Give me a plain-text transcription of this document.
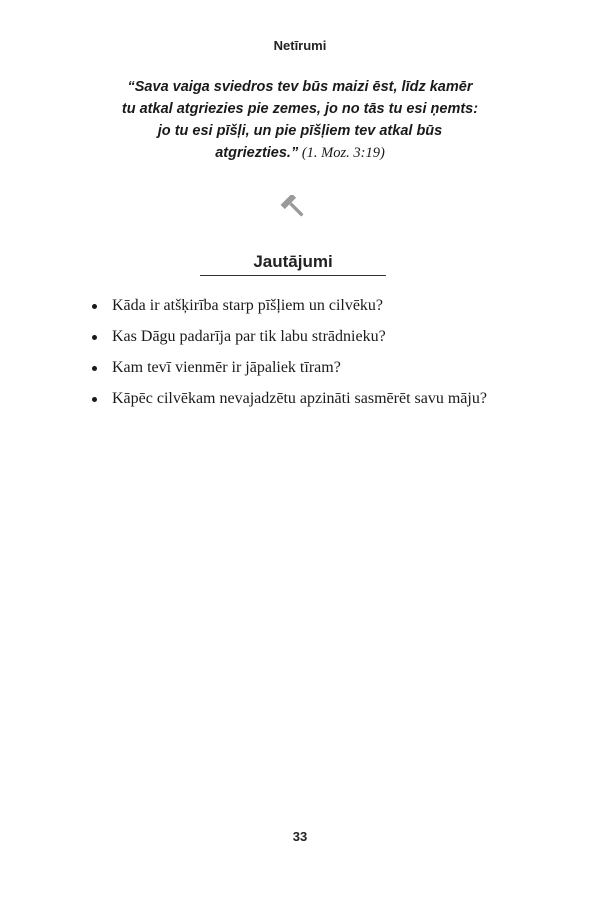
Netīrumi
“Sava vaiga sviedros tev būs maizi ēst, līdz kamēr tu atkal atgriezies pie zemes, jo no tās tu esi ņemts: jo tu esi pīšļi, un pie pīšļiem tev atkal būs atgriezties.” (1. Moz. 3:19)
Jautājumi
Kāda ir atšķirība starp pīšļiem un cilvēku?
Kas Dāgu padarīja par tik labu strādnieku?
Kam tevī vienmēr ir jāpaliek tīram?
Kāpēc cilvēkam nevajadzētu apzināti sasmērēt savu māju?
33
